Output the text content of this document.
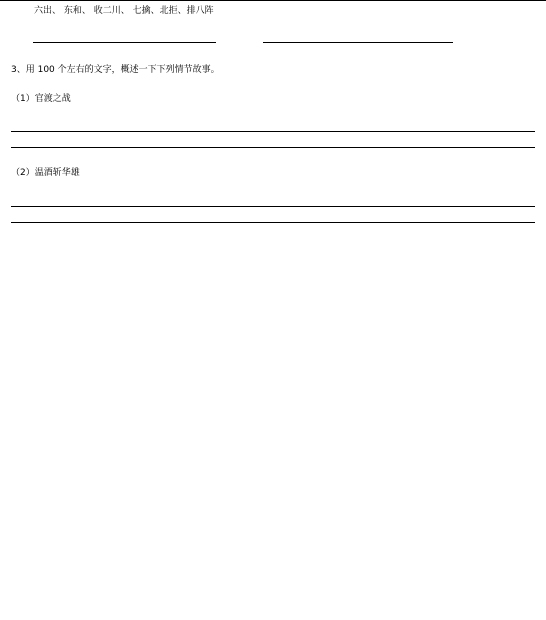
六出、 东和、 收二川、 七擒、北拒、排八阵
3、用 100 个左右的文字，概述一下下列情节故事。
（1）官渡之战
（2）温酒斩华雄
